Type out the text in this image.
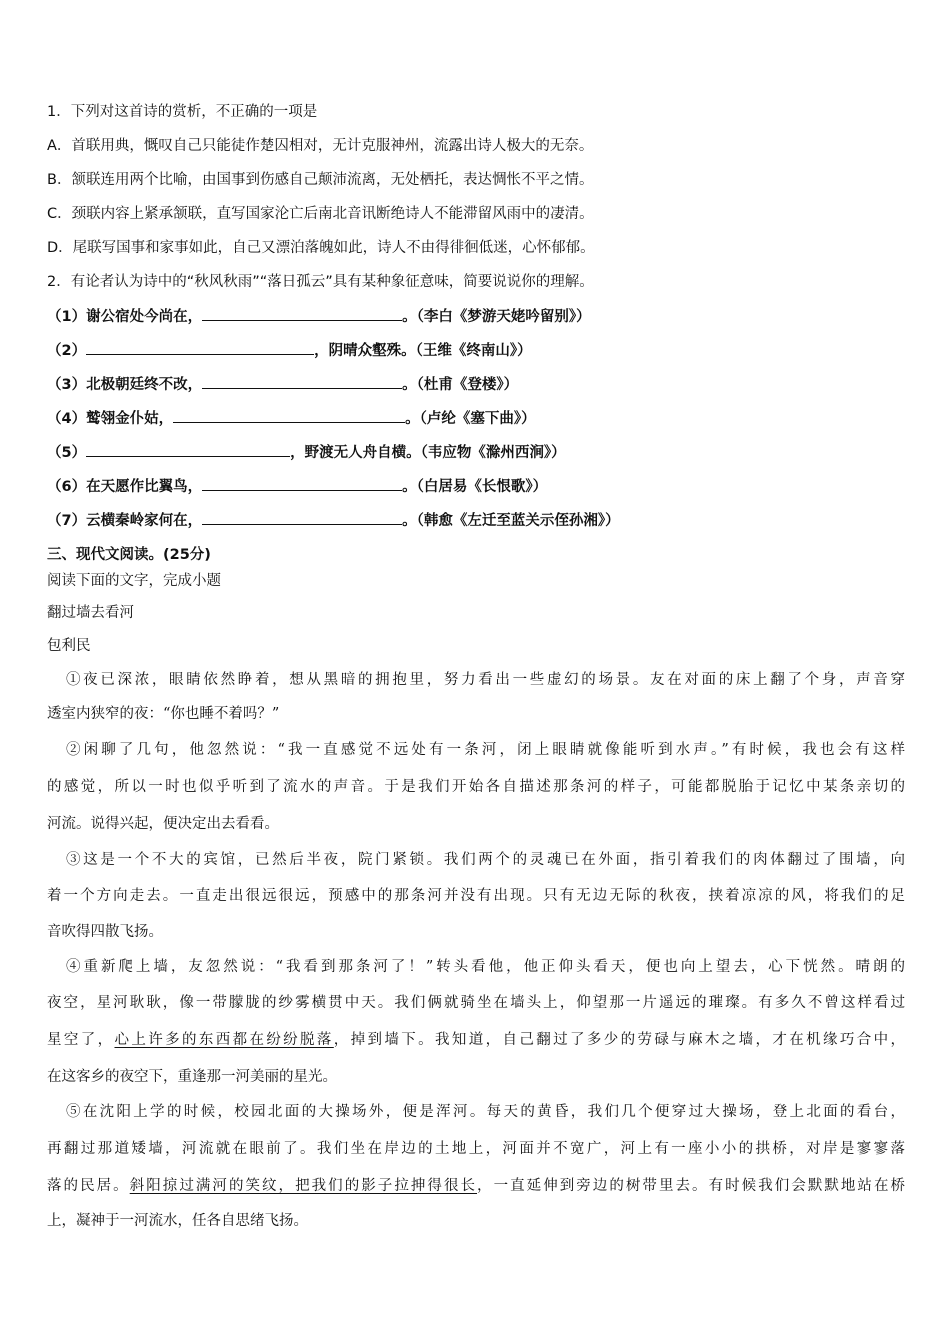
1．下列对这首诗的赏析，不正确的一项是
A．首联用典，慨叹自己只能徒作楚囚相对，无计克服神州，流露出诗人极大的无奈。
B．颔联连用两个比喻，由国事到伤感自己颠沛流离，无处栖托，表达惆怅不平之情。
C．颈联内容上紧承颔联，直写国家沦亡后南北音讯断绝诗人不能滞留风雨中的凄清。
D．尾联写国事和家事如此，自己又漂泊落魄如此，诗人不由得徘徊低迷，心怀郁郁。
2．有论者认为诗中的“秋风秋雨”“落日孤云”具有某种象征意味，简要说说你的理解。
（1）谢公宿处今尚在，	。（李白《梦游天姥吟留别》）
（2）	，阴晴众壑殊。（王维《终南山》）
（3）北极朝廷终不改，	。（杜甫《登楼》）
（4）鹫翎金仆姑，	。（卢纶《塞下曲》）
（5）	，野渡无人舟自横。（韦应物《滁州西涧》）
（6）在天愿作比翼鸟，	。（白居易《长恨歌》）
（7）云横秦岭家何在，	。（韩愈《左迁至蓝关示侄孙湘》）
三、现代文阅读。(25分)
阅读下面的文字，完成小题
翻过墙去看河
包利民
①夜已深浓，眼睛依然睁着，想从黑暗的拥抱里，努力看出一些虚幻的场景。友在对面的床上翻了个身，声音穿
透室内狭窄的夜：“你也睡不着吗？”
②闲聊了几句，他忽然说：“我一直感觉不远处有一条河，闭上眼睛就像能听到水声。”有时候，我也会有这样
的感觉，所以一时也似乎听到了流水的声音。于是我们开始各自描述那条河的样子，可能都脱胎于记忆中某条亲切的
河流。说得兴起，便决定出去看看。
③这是一个不大的宾馆，已然后半夜，院门紧锁。我们两个的灵魂已在外面，指引着我们的肉体翻过了围墙，向
着一个方向走去。一直走出很远很远，预感中的那条河并没有出现。只有无边无际的秋夜，挟着凉凉的风，将我们的足
音吹得四散飞扬。
④重新爬上墙，友忽然说：“我看到那条河了！”转头看他，他正仰头看天，便也向上望去，心下恍然。晴朗的
夜空，星河耿耿，像一带朦胧的纱雾横贯中天。我们俩就骑坐在墙头上，仰望那一片遥远的璀璨。有多久不曾这样看过
星空了，心上许多的东西都在纷纷脱落，掉到墙下。我知道，自己翻过了多少的劳碌与麻木之墙，才在机缘巧合中，
在这客乡的夜空下，重逢那一河美丽的星光。
⑤在沈阳上学的时候，校园北面的大操场外，便是浑河。每天的黄昏，我们几个便穿过大操场，登上北面的看台，
再翻过那道矮墙，河流就在眼前了。我们坐在岸边的土地上，河面并不宽广，河上有一座小小的拱桥，对岸是寥寥落
落的民居。斜阳掠过满河的笑纹，把我们的影子拉抻得很长，一直延伸到旁边的树带里去。有时候我们会默默地站在桥
上，凝神于一河流水，任各自思绪飞扬。
